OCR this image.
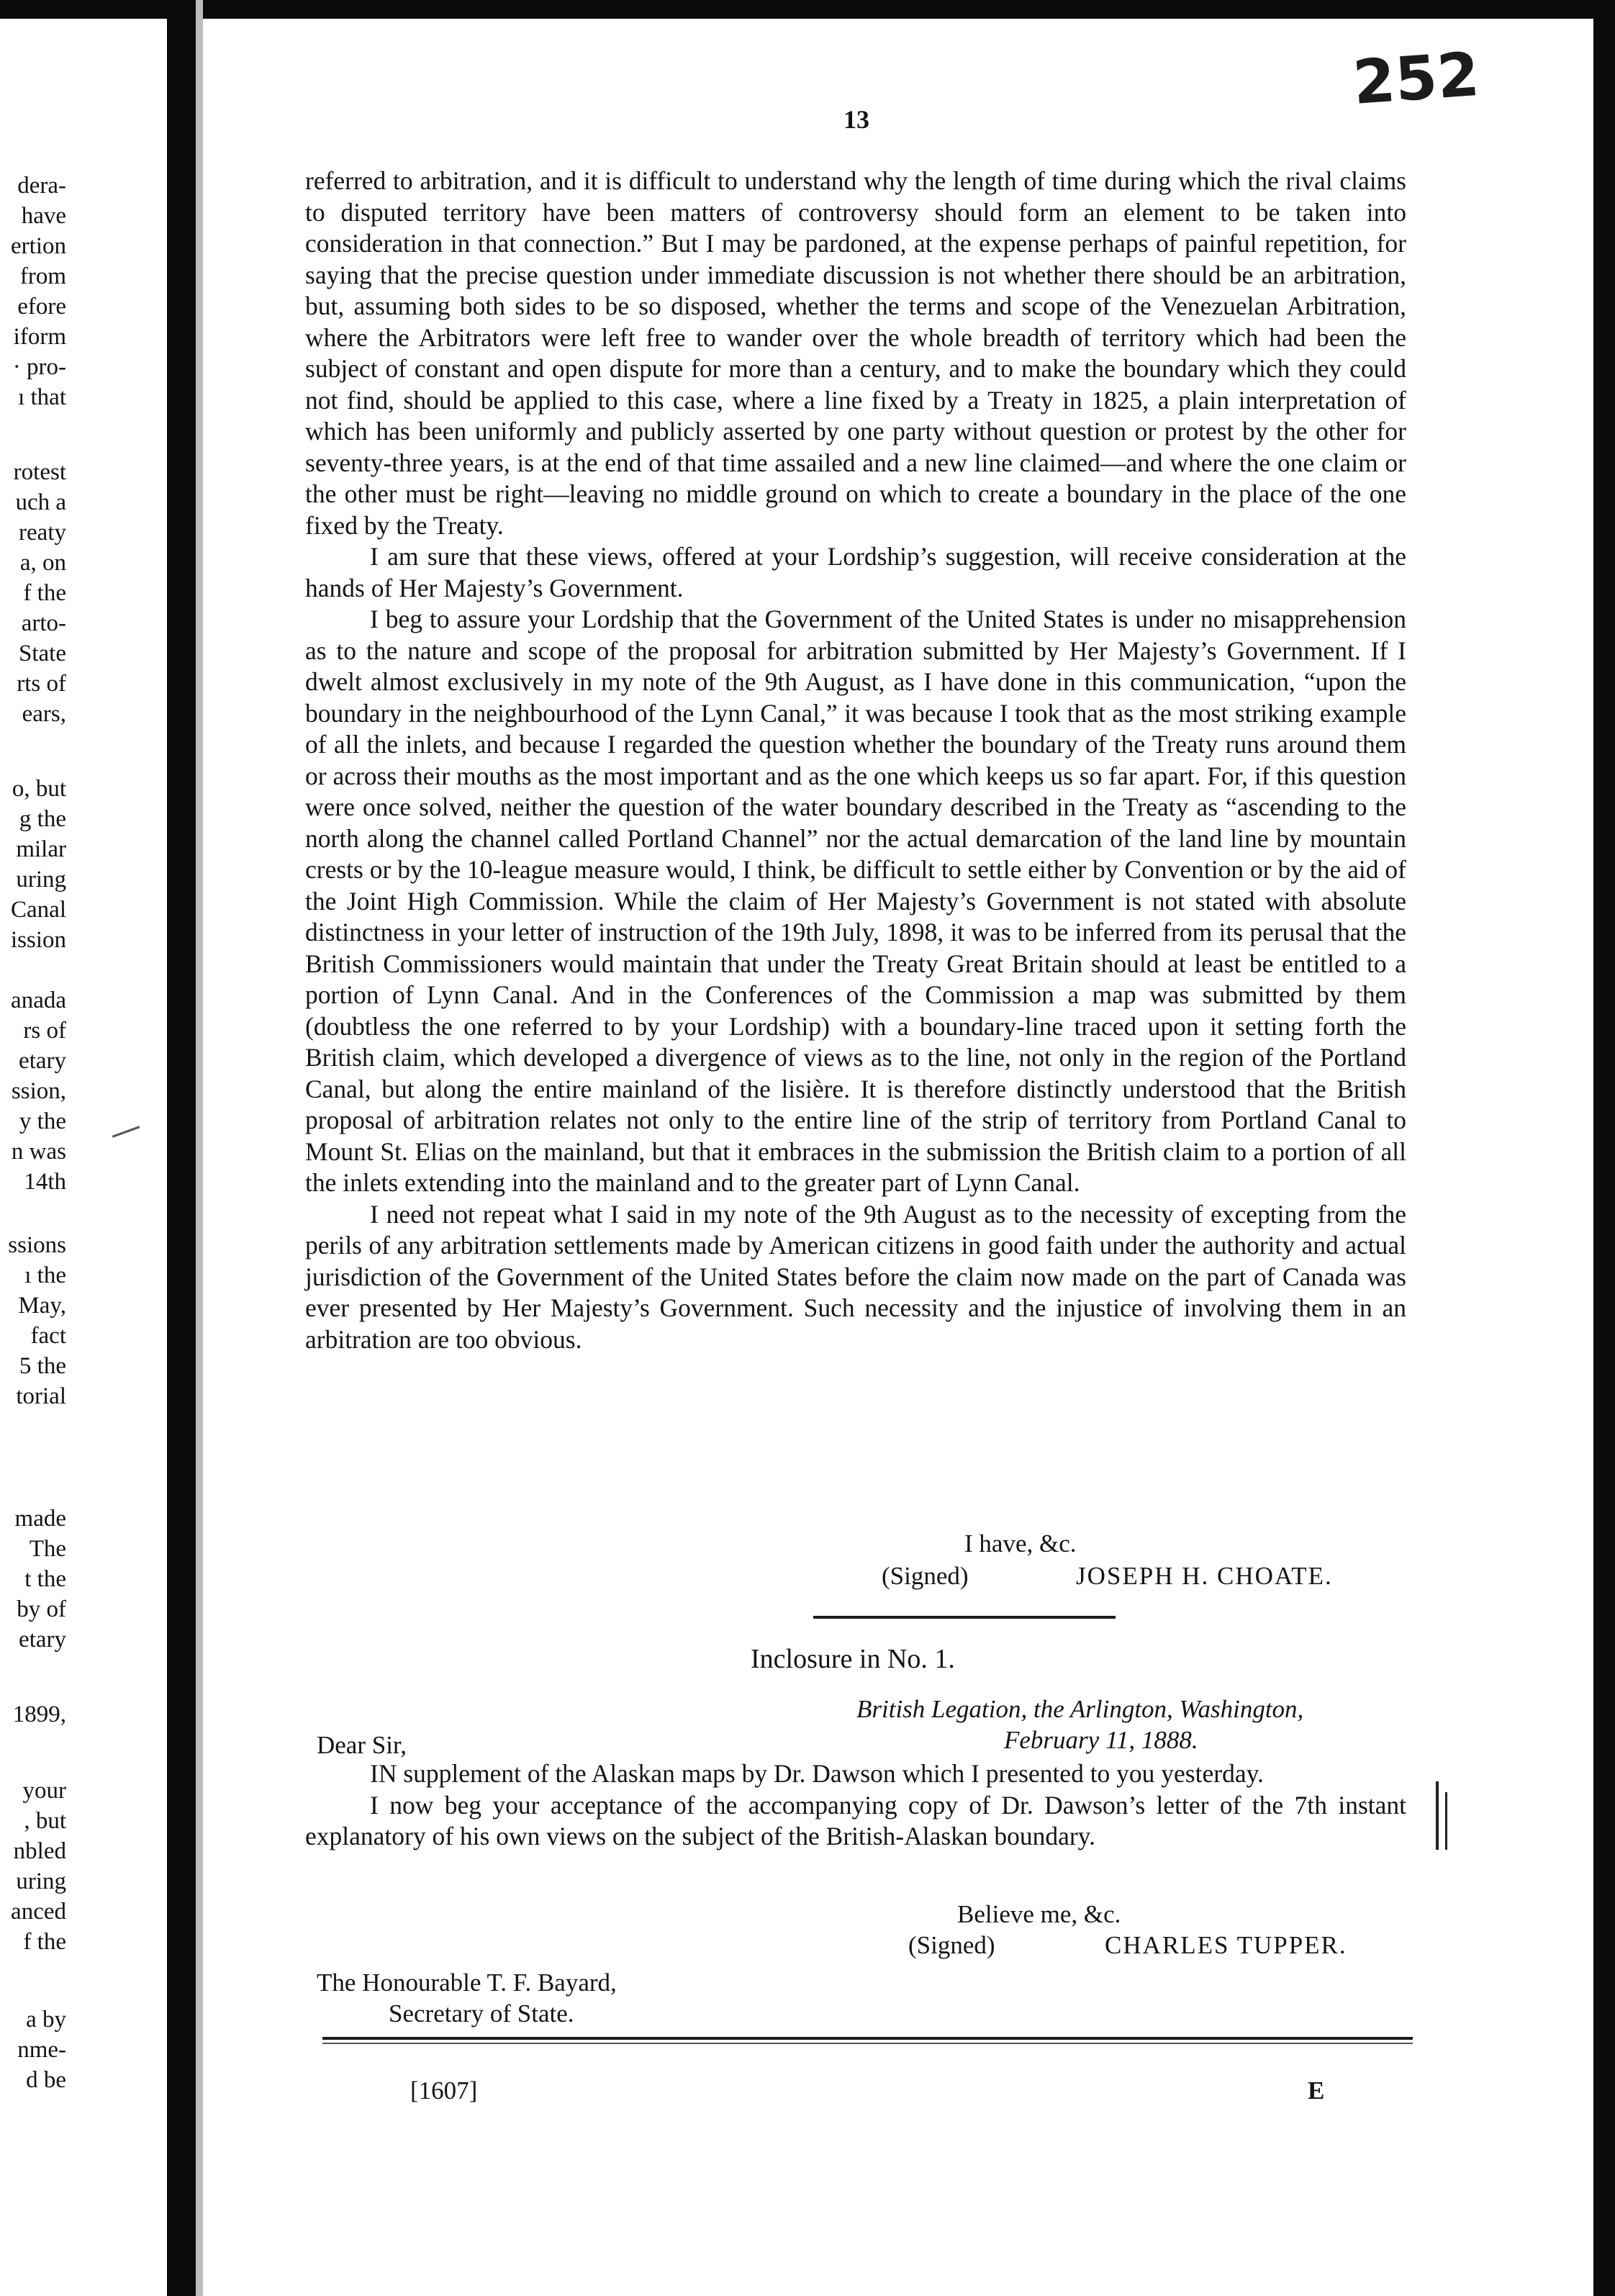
dera-
have
ertion
from
efore
iform
· pro-
ı that
rotest
uch a
reaty
a, on
f the
arto-
State
rts of
ears,
o, but
g the
milar
uring
Canal
ission
anada
rs of
etary
ssion,
y the
n was
14th
ssions
ı the
May,
fact
5 the
torial
made
The
t the
by of
etary
1899,
your
, but
nbled
uring
anced
f the
a by
nme-
d be
13
252

referred to arbitration, and it is difficult to understand why the length of time during which the rival claims to disputed territory have been matters of controversy should form an element to be taken into consideration in that connection.” But I may be pardoned, at the expense perhaps of painful repetition, for saying that the precise question under immediate discussion is not whether there should be an arbitration, but, assuming both sides to be so disposed, whether the terms and scope of the Venezuelan Arbitration, where the Arbitrators were left free to wander over the whole breadth of territory which had been the subject of constant and open dispute for more than a century, and to make the boundary which they could not find, should be applied to this case, where a line fixed by a Treaty in 1825, a plain interpretation of which has been uniformly and publicly asserted by one party without question or protest by the other for seventy-three years, is at the end of that time assailed and a new line claimed—and where the one claim or the other must be right—leaving no middle ground on which to create a boundary in the place of the one fixed by the Treaty.

I am sure that these views, offered at your Lordship’s suggestion, will receive consideration at the hands of Her Majesty’s Government.

I beg to assure your Lordship that the Government of the United States is under no misapprehension as to the nature and scope of the proposal for arbitration submitted by Her Majesty’s Government. If I dwelt almost exclusively in my note of the 9th August, as I have done in this communication, “upon the boundary in the neighbourhood of the Lynn Canal,” it was because I took that as the most striking example of all the inlets, and because I regarded the question whether the boundary of the Treaty runs around them or across their mouths as the most important and as the one which keeps us so far apart. For, if this question were once solved, neither the question of the water boundary described in the Treaty as “ascending to the north along the channel called Portland Channel” nor the actual demarcation of the land line by mountain crests or by the 10-league measure would, I think, be difficult to settle either by Convention or by the aid of the Joint High Commission. While the claim of Her Majesty’s Government is not stated with absolute distinctness in your letter of instruction of the 19th July, 1898, it was to be inferred from its perusal that the British Commissioners would maintain that under the Treaty Great Britain should at least be entitled to a portion of Lynn Canal. And in the Conferences of the Commission a map was submitted by them (doubtless the one referred to by your Lordship) with a boundary-line traced upon it setting forth the British claim, which developed a divergence of views as to the line, not only in the region of the Portland Canal, but along the entire mainland of the lisière. It is therefore distinctly understood that the British proposal of arbitration relates not only to the entire line of the strip of territory from Portland Canal to Mount St. Elias on the mainland, but that it embraces in the submission the British claim to a portion of all the inlets extending into the mainland and to the greater part of Lynn Canal.

I need not repeat what I said in my note of the 9th August as to the necessity of excepting from the perils of any arbitration settlements made by American citizens in good faith under the authority and actual jurisdiction of the Government of the United States before the claim now made on the part of Canada was ever presented by Her Majesty’s Government. Such necessity and the injustice of involving them in an arbitration are too obvious.

I have, &c.
(Signed)	JOSEPH H. CHOATE.
Inclosure in No. 1.
British Legation, the Arlington, Washington,
February 11, 1888.
Dear Sir,

IN supplement of the Alaskan maps by Dr. Dawson which I presented to you yesterday.

I now beg your acceptance of the accompanying copy of Dr. Dawson’s letter of the 7th instant explanatory of his own views on the subject of the British-Alaskan boundary.

Believe me, &c.
(Signed)	CHARLES TUPPER.
The Honourable T. F. Bayard,
Secretary of State.
[1607]	E
